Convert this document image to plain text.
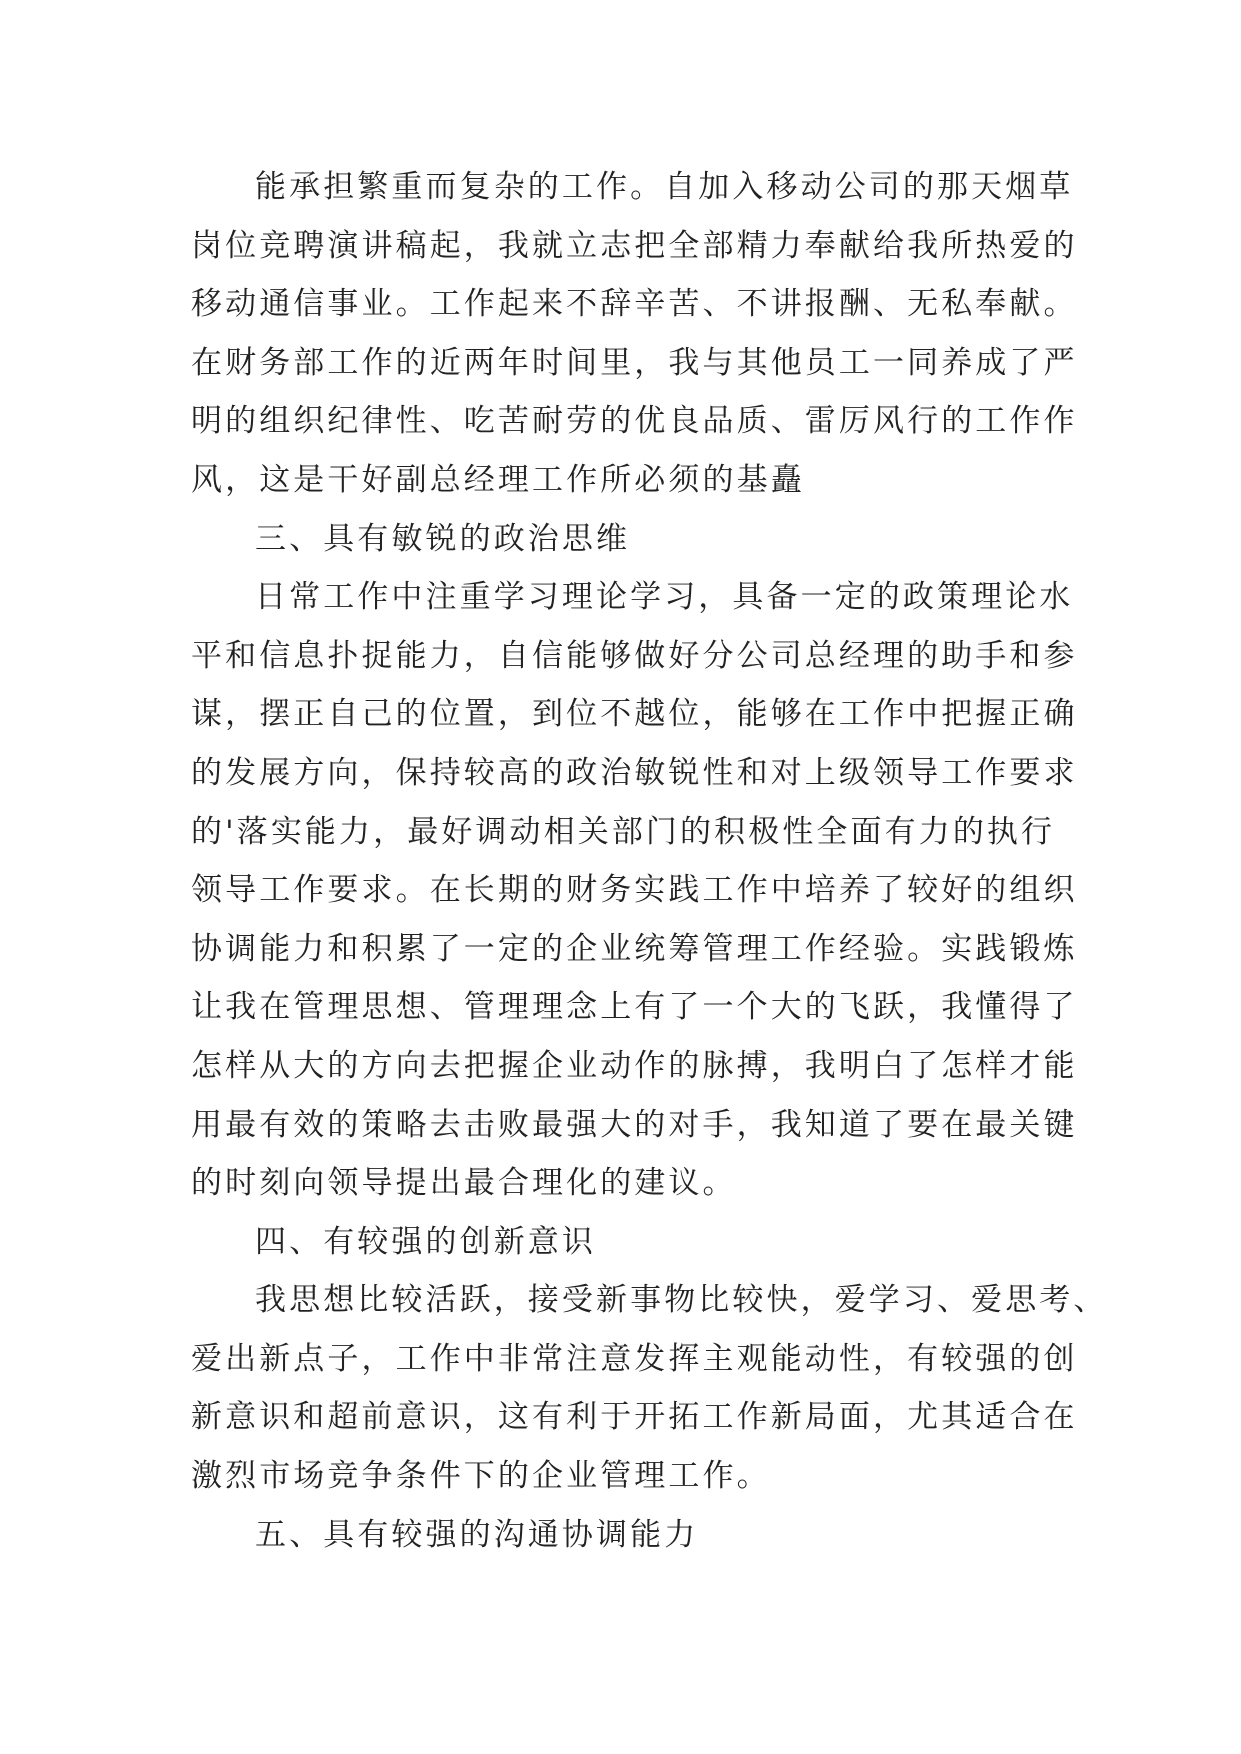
能承担繁重而复杂的工作。自加入移动公司的那天烟草
岗位竞聘演讲稿起，我就立志把全部精力奉献给我所热爱的
移动通信事业。工作起来不辞辛苦、不讲报酬、无私奉献。
在财务部工作的近两年时间里，我与其他员工一同养成了严
明的组织纪律性、吃苦耐劳的优良品质、雷厉风行的工作作
风，这是干好副总经理工作所必须的基矗
三、具有敏锐的政治思维
日常工作中注重学习理论学习，具备一定的政策理论水
平和信息扑捉能力，自信能够做好分公司总经理的助手和参
谋，摆正自己的位置，到位不越位，能够在工作中把握正确
的发展方向，保持较高的政治敏锐性和对上级领导工作要求
的'落实能力，最好调动相关部门的积极性全面有力的执行
领导工作要求。在长期的财务实践工作中培养了较好的组织
协调能力和积累了一定的企业统筹管理工作经验。实践锻炼
让我在管理思想、管理理念上有了一个大的飞跃，我懂得了
怎样从大的方向去把握企业动作的脉搏，我明白了怎样才能
用最有效的策略去击败最强大的对手，我知道了要在最关键
的时刻向领导提出最合理化的建议。
四、有较强的创新意识
我思想比较活跃，接受新事物比较快，爱学习、爱思考、
爱出新点子，工作中非常注意发挥主观能动性，有较强的创
新意识和超前意识，这有利于开拓工作新局面，尤其适合在
激烈市场竞争条件下的企业管理工作。
五、具有较强的沟通协调能力
